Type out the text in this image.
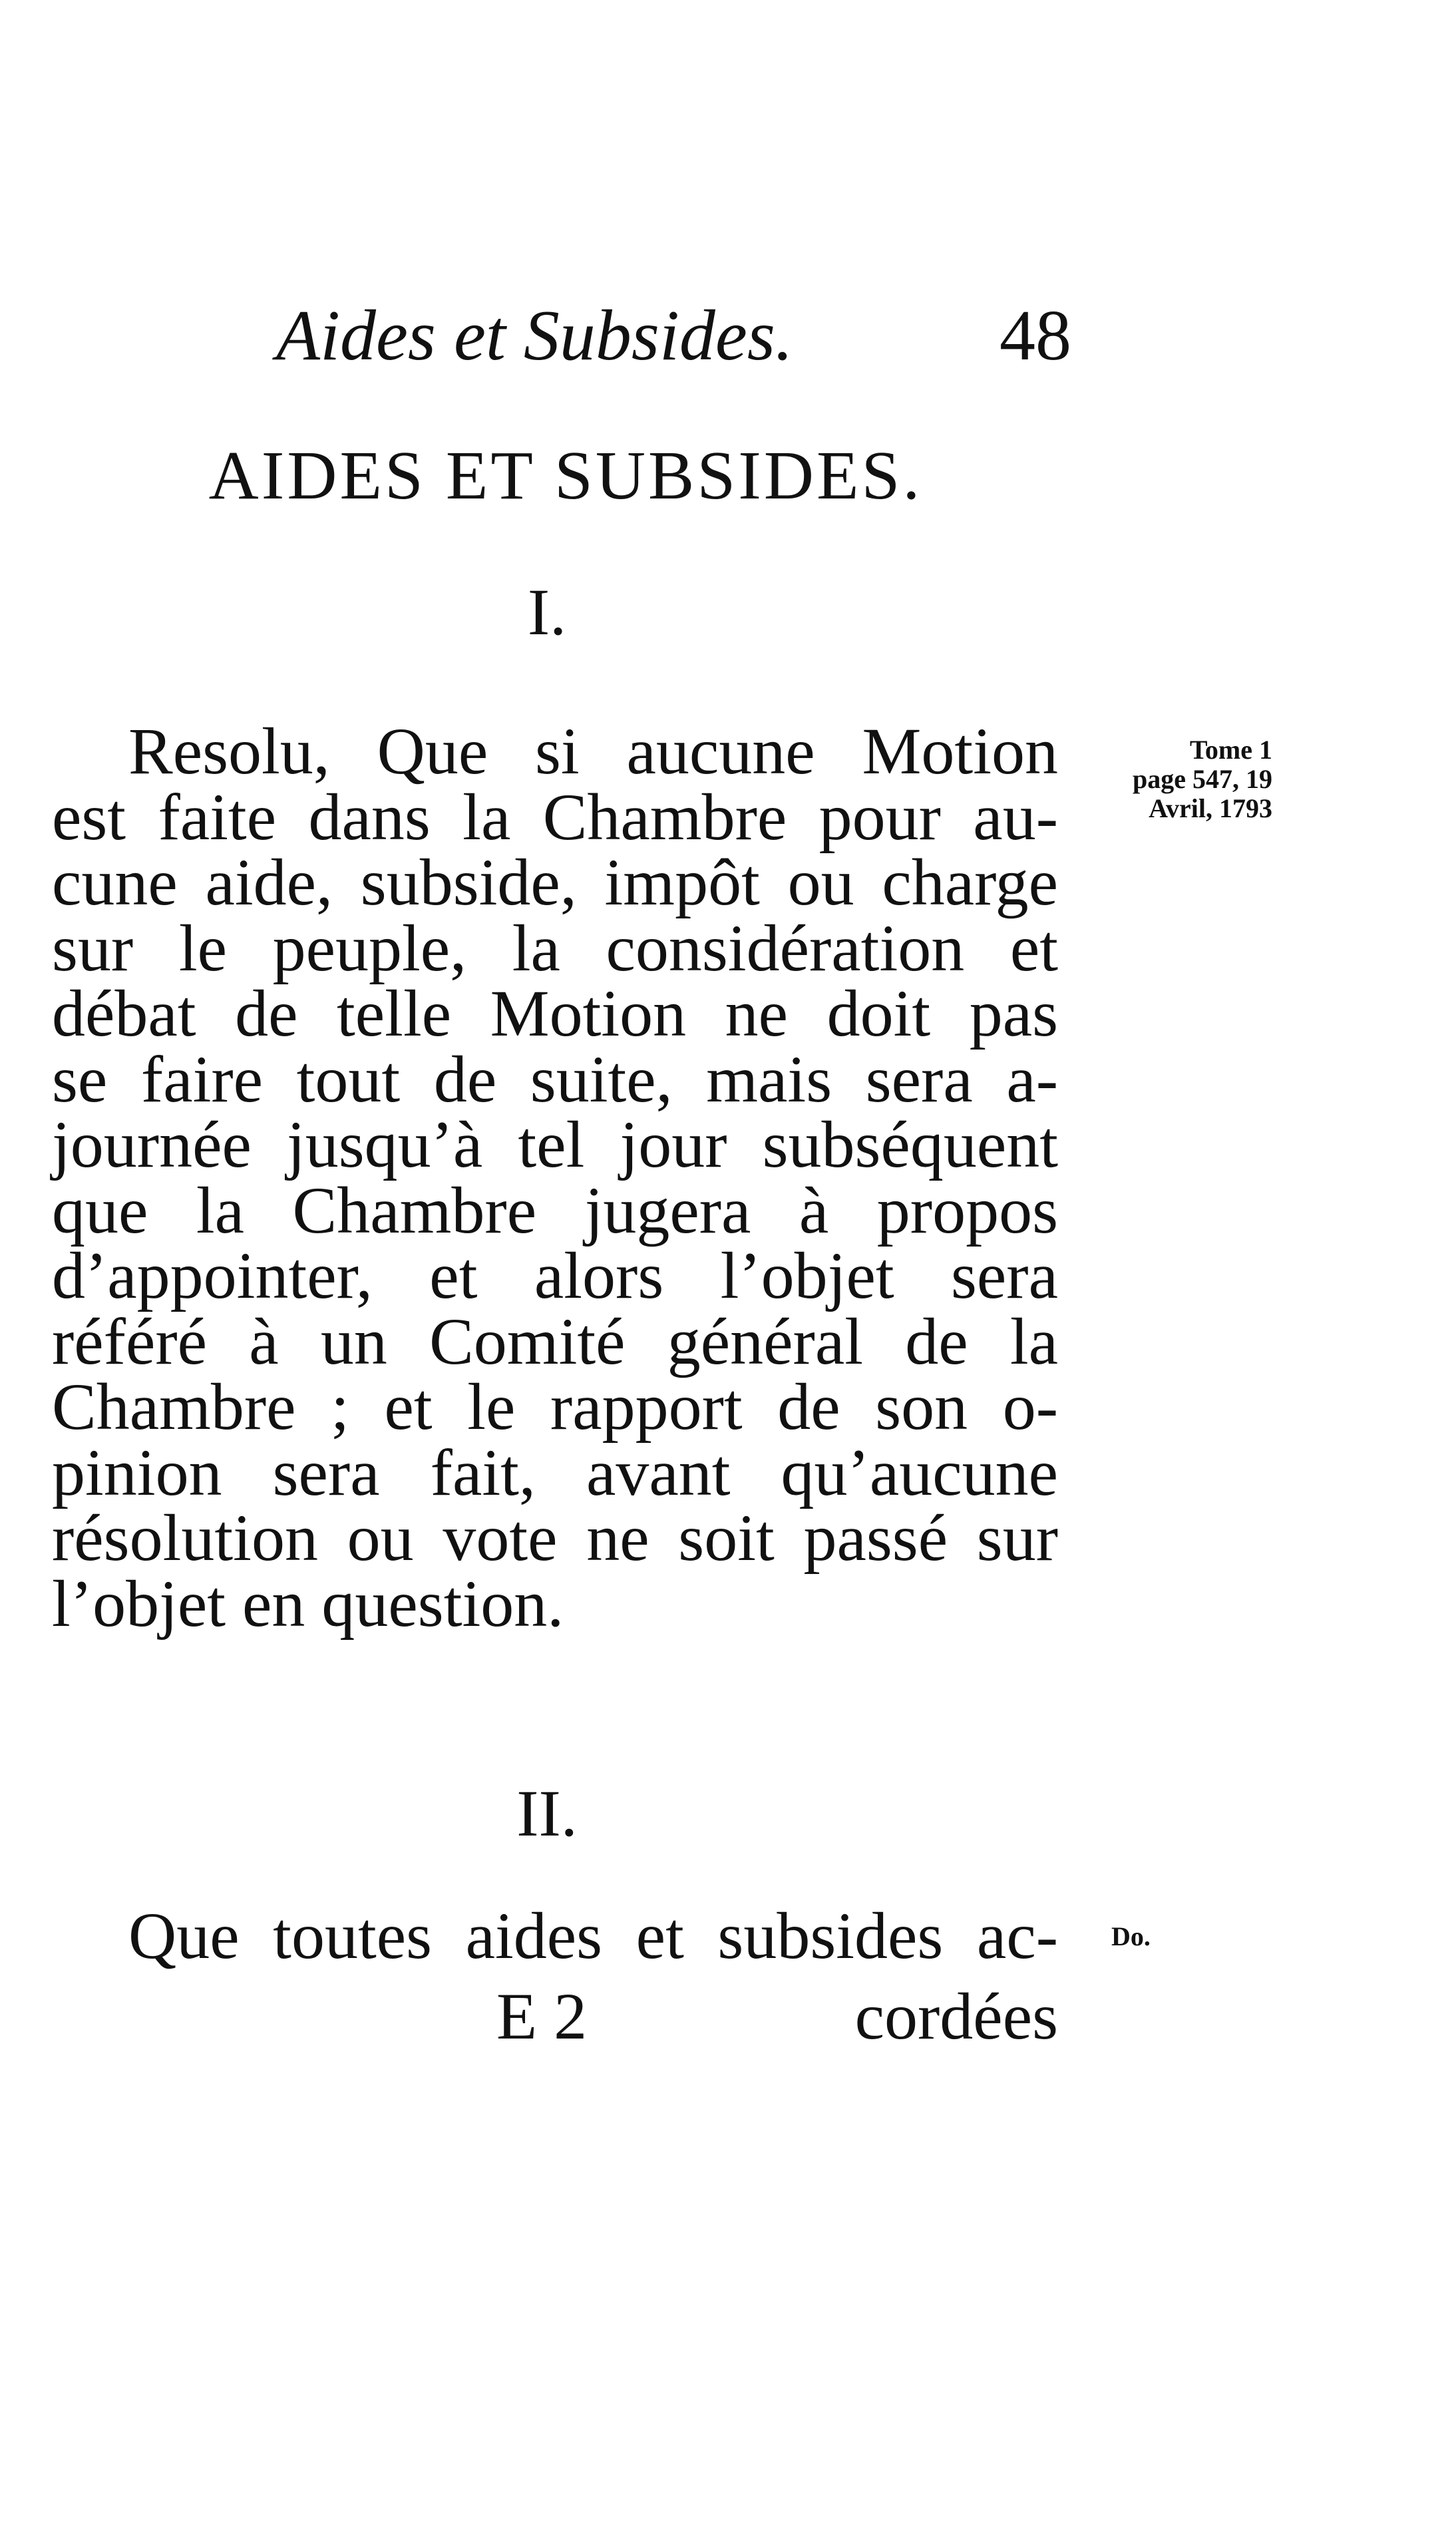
Aides et Subsides.	48
AIDES ET SUBSIDES.
I.
Resolu, Que si aucune Motion
est faite dans la Chambre pour au-
cune aide, subside, impôt ou charge
sur le peuple, la considération et
débat de telle Motion ne doit pas
se faire tout de suite, mais sera a-
journée jusqu’à tel jour subséquent
que la Chambre jugera à propos
d’appointer, et alors l’objet sera
référé à un Comité général de la
Chambre ; et le rapport de son o-
pinion sera fait, avant qu’aucune
résolution ou vote ne soit passé sur
l’objet en question.
Tome 1
page 547, 19
Avril, 1793
II.
Que toutes aides et subsides ac- Do.
E 2	cordées
